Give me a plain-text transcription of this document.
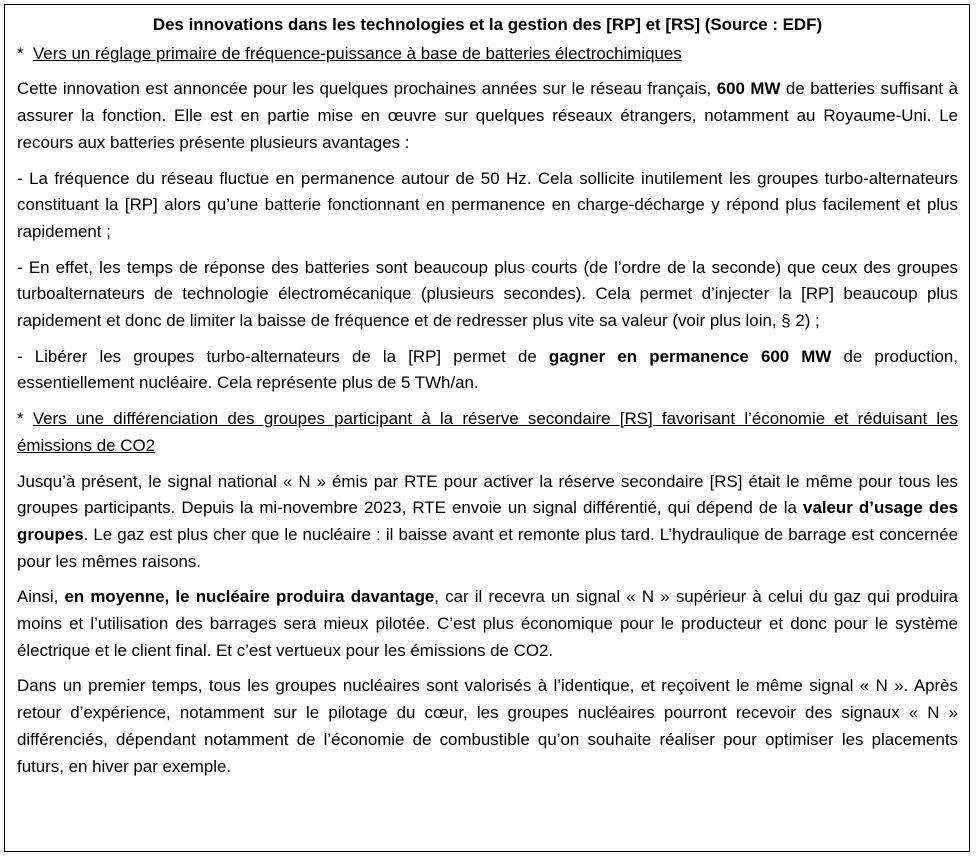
Des innovations dans les technologies et la gestion des [RP] et [RS] (Source : EDF)
* Vers un réglage primaire de fréquence-puissance à base de batteries électrochimiques
Cette innovation est annoncée pour les quelques prochaines années sur le réseau français, 600 MW de batteries suffisant à assurer la fonction. Elle est en partie mise en œuvre sur quelques réseaux étrangers, notamment au Royaume-Uni. Le recours aux batteries présente plusieurs avantages :
- La fréquence du réseau fluctue en permanence autour de 50 Hz. Cela sollicite inutilement les groupes turbo-alternateurs constituant la [RP] alors qu’une batterie fonctionnant en permanence en charge-décharge y répond plus facilement et plus rapidement ;
- En effet, les temps de réponse des batteries sont beaucoup plus courts (de l’ordre de la seconde) que ceux des groupes turboalternateurs de technologie électromécanique (plusieurs secondes). Cela permet d’injecter la [RP] beaucoup plus rapidement et donc de limiter la baisse de fréquence et de redresser plus vite sa valeur (voir plus loin, § 2) ;
- Libérer les groupes turbo-alternateurs de la [RP] permet de gagner en permanence 600 MW de production, essentiellement nucléaire. Cela représente plus de 5 TWh/an.
* Vers une différenciation des groupes participant à la réserve secondaire [RS] favorisant l’économie et réduisant les émissions de CO2
Jusqu’à présent, le signal national « N » émis par RTE pour activer la réserve secondaire [RS] était le même pour tous les groupes participants. Depuis la mi-novembre 2023, RTE envoie un signal différentié, qui dépend de la valeur d’usage des groupes. Le gaz est plus cher que le nucléaire : il baisse avant et remonte plus tard. L’hydraulique de barrage est concernée pour les mêmes raisons.
Ainsi, en moyenne, le nucléaire produira davantage, car il recevra un signal « N » supérieur à celui du gaz qui produira moins et l’utilisation des barrages sera mieux pilotée. C’est plus économique pour le producteur et donc pour le système électrique et le client final. Et c’est vertueux pour les émissions de CO2.
Dans un premier temps, tous les groupes nucléaires sont valorisés à l’identique, et reçoivent le même signal « N ». Après retour d’expérience, notamment sur le pilotage du cœur, les groupes nucléaires pourront recevoir des signaux « N » différenciés, dépendant notamment de l’économie de combustible qu’on souhaite réaliser pour optimiser les placements futurs, en hiver par exemple.
